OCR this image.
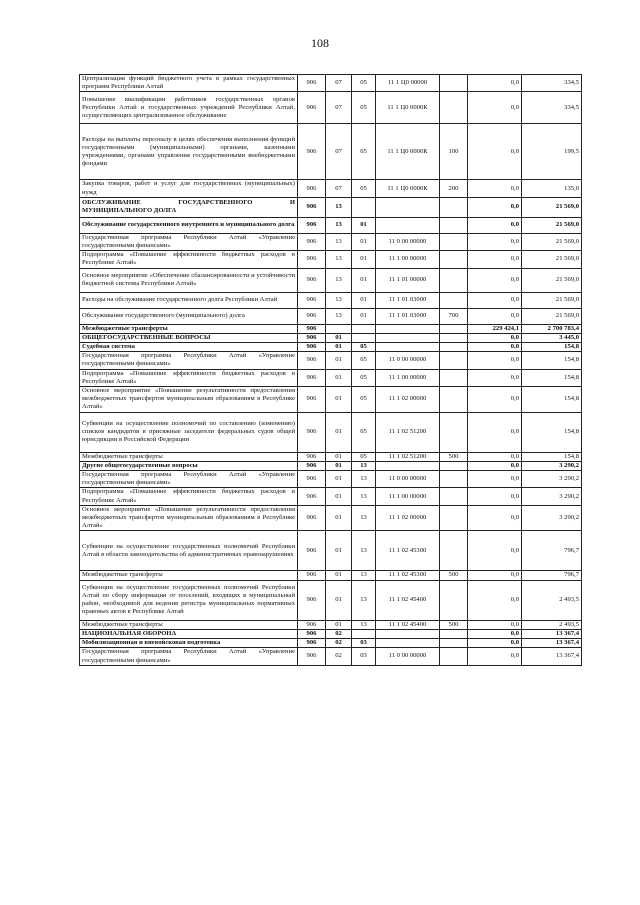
108
Централизация функций бюджетного учета в рамках государственных программ Республики Алтай	906	07	05	11 1 Ц0 00000		0,0	334,5
Повышение квалификации работников государственных органов Республики Алтай и государственных учреждений Республики Алтай, осуществляющих централизованное обслуживание	906	07	05	11 1 Ц0 0000К		0,0	334,5
Расходы на выплаты персоналу в целях обеспечения выполнения функций государственными (муниципальными) органами, казенными учреждениями, органами управления государственными внебюджетными фондами	906	07	05	11 1 Ц0 0000К	100	0,0	199,5
Закупка товаров, работ и услуг для государственных (муниципальных) нужд	906	07	05	11 1 Ц0 0000К	200	0,0	135,0
ОБСЛУЖИВАНИЕ ГОСУДАРСТВЕННОГО И МУНИЦИПАЛЬНОГО ДОЛГА	906	13				0,0	21 569,0
Обслуживание государственного внутреннего и муниципального долга	906	13	01			0,0	21 569,0
Государственная программа Республики Алтай «Управление государственными финансами»	906	13	01	11 0 00 00000		0,0	21 569,0
Подпрограмма «Повышение эффективности бюджетных расходов в Республике Алтай»	906	13	01	11 1 00 00000		0,0	21 569,0
Основное мероприятие «Обеспечение сбалансированности и устойчивости бюджетной системы Республики Алтай»	906	13	01	11 1 01 00000		0,0	21 569,0
Расходы на обслуживание государственного долга Республики Алтай	906	13	01	11 1 01 03000		0,0	21 569,0
Обслуживание государственного (муниципального) долга	906	13	01	11 1 01 03000	700	0,0	21 569,0
Межбюджетные трансферты	906					229 424,1	2 700 783,4
ОБЩЕГОСУДАРСТВЕННЫЕ ВОПРОСЫ	906	01				0,0	3 445,0
Судебная система	906	01	05			0,0	154,8
Государственная программа Республики Алтай «Управление государственными финансами»	906	01	05	11 0 00 00000		0,0	154,8
Подпрограмма «Повышение эффективности бюджетных расходов в Республике Алтай»	906	01	05	11 1 00 00000		0,0	154,8
Основное мероприятие «Повышение результативности предоставления межбюджетных трансфертов муниципальным образованиям в Республике Алтай»	906	01	05	11 1 02 00000		0,0	154,8
Субвенции на осуществление полномочий по составлению (изменению) списков кандидатов в присяжные заседатели федеральных судов общей юрисдикции в Российской Федерации	906	01	05	11 1 02 51200		0,0	154,8
Межбюджетные трансферты	906	01	05	11 1 02 51200	500	0,0	154,8
Другие общегосударственные вопросы	906	01	13			0,0	3 290,2
Государственная программа Республики Алтай «Управление государственными финансами»	906	01	13	11 0 00 00000		0,0	3 290,2
Подпрограмма «Повышение эффективности бюджетных расходов в Республике Алтай»	906	01	13	11 1 00 00000		0,0	3 290,2
Основное мероприятие «Повышение результативности предоставления межбюджетных трансфертов муниципальным образованиям в Республике Алтай»	906	01	13	11 1 02 00000		0,0	3 290,2
Субвенции на осуществление государственных полномочий Республики Алтай в области законодательства об административных правонарушениях	906	01	13	11 1 02 45300		0,0	796,7
Межбюджетные трансферты	906	01	13	11 1 02 45300	500	0,0	796,7
Субвенции на осуществление государственных полномочий Республики Алтай по сбору информации от поселений, входящих в муниципальный район, необходимой для ведения регистра муниципальных нормативных правовых актов в Республике Алтай	906	01	13	11 1 02 45400		0,0	2 493,5
Межбюджетные трансферты	906	01	13	11 1 02 45400	500	0,0	2 493,5
НАЦИОНАЛЬНАЯ ОБОРОНА	906	02				0,0	13 367,4
Мобилизационная и вневойсковая подготовка	906	02	03			0,0	13 367,4
Государственная программа Республики Алтай «Управление государственными финансами»	906	02	03	11 0 00 00000		0,0	13 367,4
